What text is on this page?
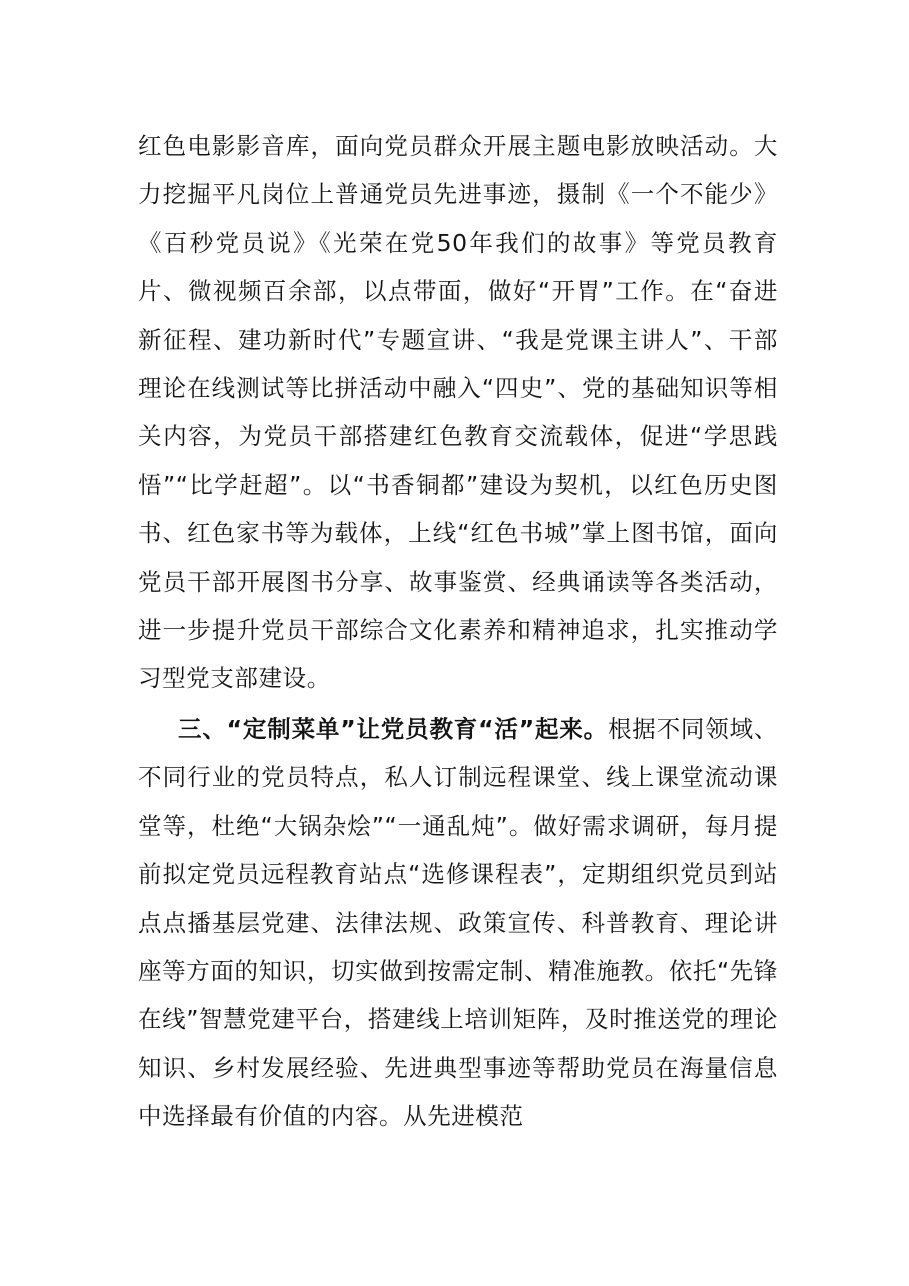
红色电影影音库，面向党员群众开展主题电影放映活动。大力挖掘平凡岗位上普通党员先进事迹，摄制《一个不能少》《百秒党员说》《光荣在党50年我们的故事》等党员教育片、微视频百余部，以点带面，做好“开胃”工作。在“奋进新征程、建功新时代”专题宣讲、“我是党课主讲人”、干部理论在线测试等比拼活动中融入“四史”、党的基础知识等相关内容，为党员干部搭建红色教育交流载体，促进“学思践悟”“比学赶超”。以“书香铜都”建设为契机，以红色历史图书、红色家书等为载体，上线“红色书城”掌上图书馆，面向党员干部开展图书分享、故事鉴赏、经典诵读等各类活动，进一步提升党员干部综合文化素养和精神追求，扎实推动学习型党支部建设。

三、“定制菜单”让党员教育“活”起来。根据不同领域、不同行业的党员特点，私人订制远程课堂、线上课堂流动课堂等，杜绝“大锅杂烩”“一通乱炖”。做好需求调研，每月提前拟定党员远程教育站点“选修课程表”，定期组织党员到站点点播基层党建、法律法规、政策宣传、科普教育、理论讲座等方面的知识，切实做到按需定制、精准施教。依托“先锋在线”智慧党建平台，搭建线上培训矩阵，及时推送党的理论知识、乡村发展经验、先进典型事迹等帮助党员在海量信息中选择最有价值的内容。从先进模范
